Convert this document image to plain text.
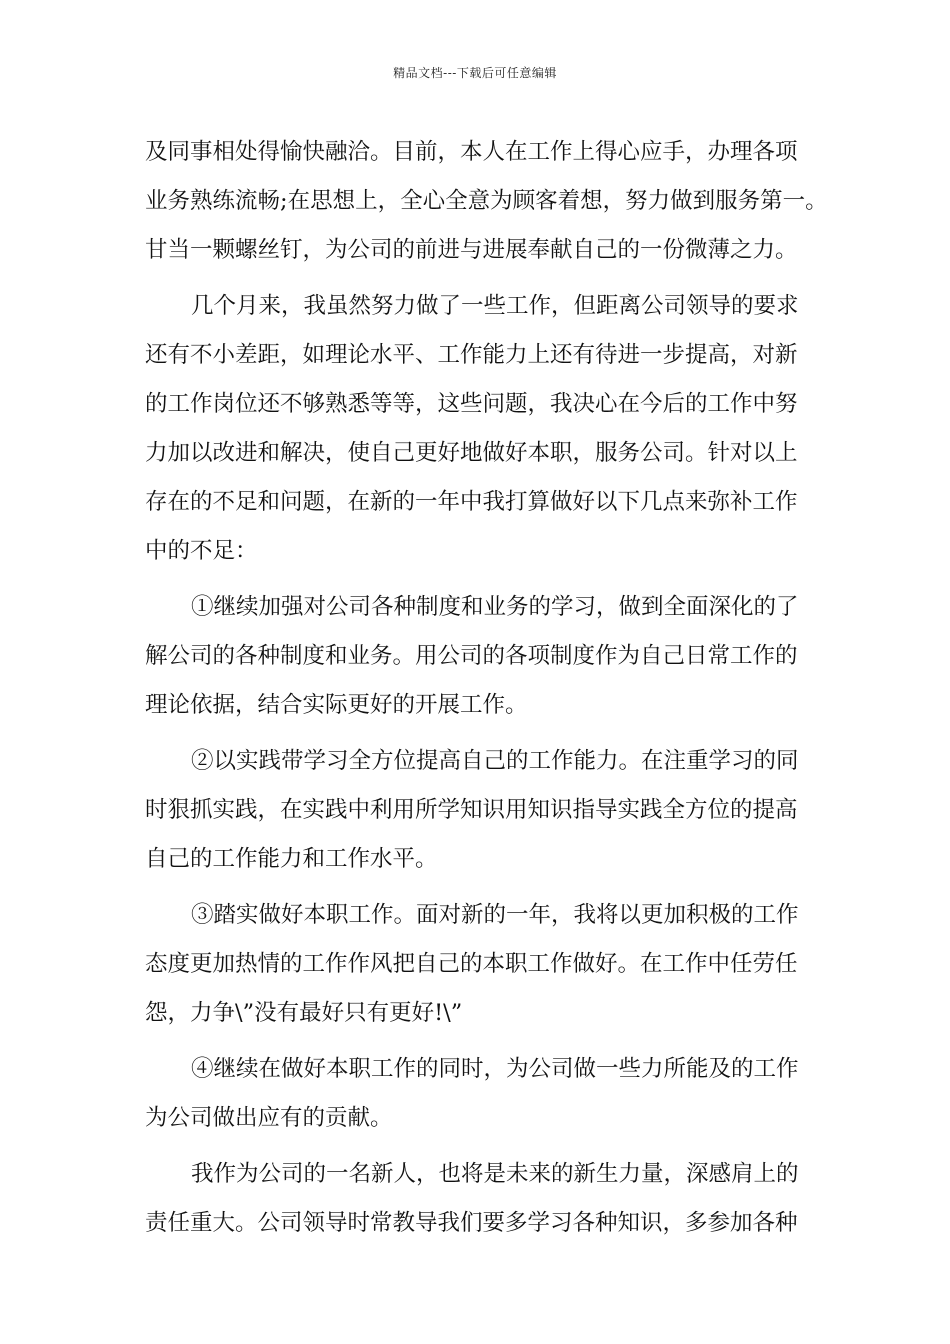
精品文档---下载后可任意编辑
及同事相处得愉快融洽。目前，本人在工作上得心应手，办理各项
业务熟练流畅;在思想上，全心全意为顾客着想，努力做到服务第一。
甘当一颗螺丝钉，为公司的前进与进展奉献自己的一份微薄之力。
几个月来，我虽然努力做了一些工作，但距离公司领导的要求
还有不小差距，如理论水平、工作能力上还有待进一步提高，对新
的工作岗位还不够熟悉等等，这些问题，我决心在今后的工作中努
力加以改进和解决，使自己更好地做好本职，服务公司。针对以上
存在的不足和问题，在新的一年中我打算做好以下几点来弥补工作
中的不足：
①继续加强对公司各种制度和业务的学习，做到全面深化的了
解公司的各种制度和业务。用公司的各项制度作为自己日常工作的
理论依据，结合实际更好的开展工作。
②以实践带学习全方位提高自己的工作能力。在注重学习的同
时狠抓实践，在实践中利用所学知识用知识指导实践全方位的提高
自己的工作能力和工作水平。
③踏实做好本职工作。面对新的一年，我将以更加积极的工作
态度更加热情的工作作风把自己的本职工作做好。在工作中任劳任
怨，力争\”没有最好只有更好!\”
④继续在做好本职工作的同时，为公司做一些力所能及的工作
为公司做出应有的贡献。
我作为公司的一名新人，也将是未来的新生力量，深感肩上的
责任重大。公司领导时常教导我们要多学习各种知识，多参加各种
